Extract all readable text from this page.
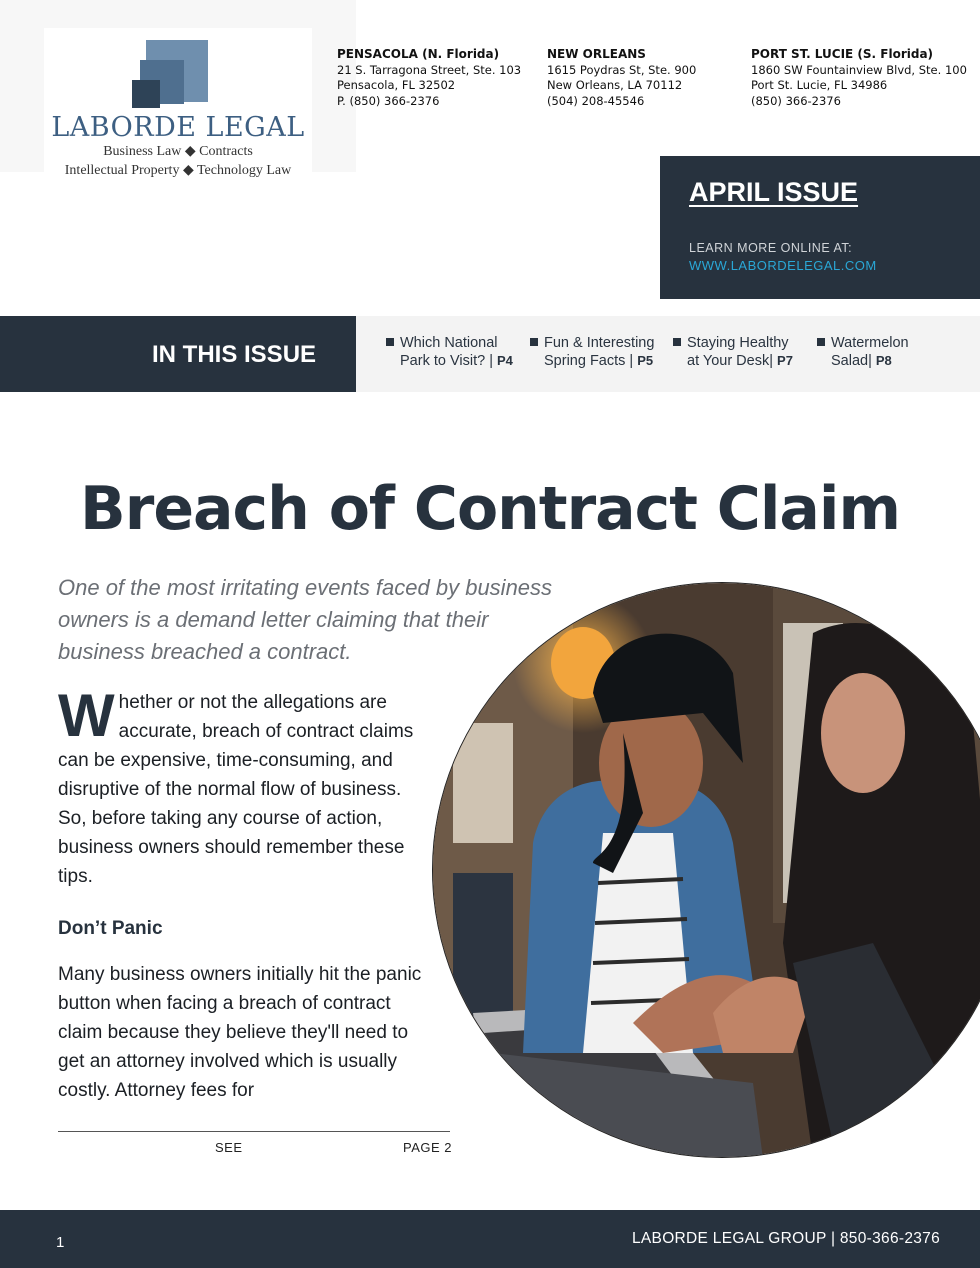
LABORDE LEGAL
Business Law ◆ Contracts
Intellectual Property ◆ Technology Law
PENSACOLA (N. Florida)
21 S. Tarragona Street, Ste. 103
Pensacola, FL 32502
P. (850) 366-2376
NEW ORLEANS
1615 Poydras St, Ste. 900
New Orleans, LA 70112
(504) 208-45546
PORT ST. LUCIE (S. Florida)
1860 SW Fountainview Blvd, Ste. 100
Port St. Lucie, FL 34986
(850) 366-2376
APRIL ISSUE
LEARN MORE ONLINE AT:
WWW.LABORDELEGAL.COM
IN THIS ISSUE	Which National
Park to Visit? | P4
Fun & Interesting
Spring Facts | P5
Staying Healthy
at Your Desk| P7
Watermelon
Salad| P8
Breach of Contract Claim
One of the most irritating events faced by business owners is a demand letter claiming that their business breached a contract.
W hether or not the allegations are accurate, breach of contract claims can be expensive, time-consuming, and disruptive of the normal flow of business. So, before taking any course of action, business owners should remember these tips.
Don’t Panic
Many business owners initially hit the panic button when facing a breach of contract claim because they believe they'll need to get an attorney involved which is usually costly. Attorney fees for
SEE	PAGE 2
1	LABORDE LEGAL GROUP | 850-366-2376
